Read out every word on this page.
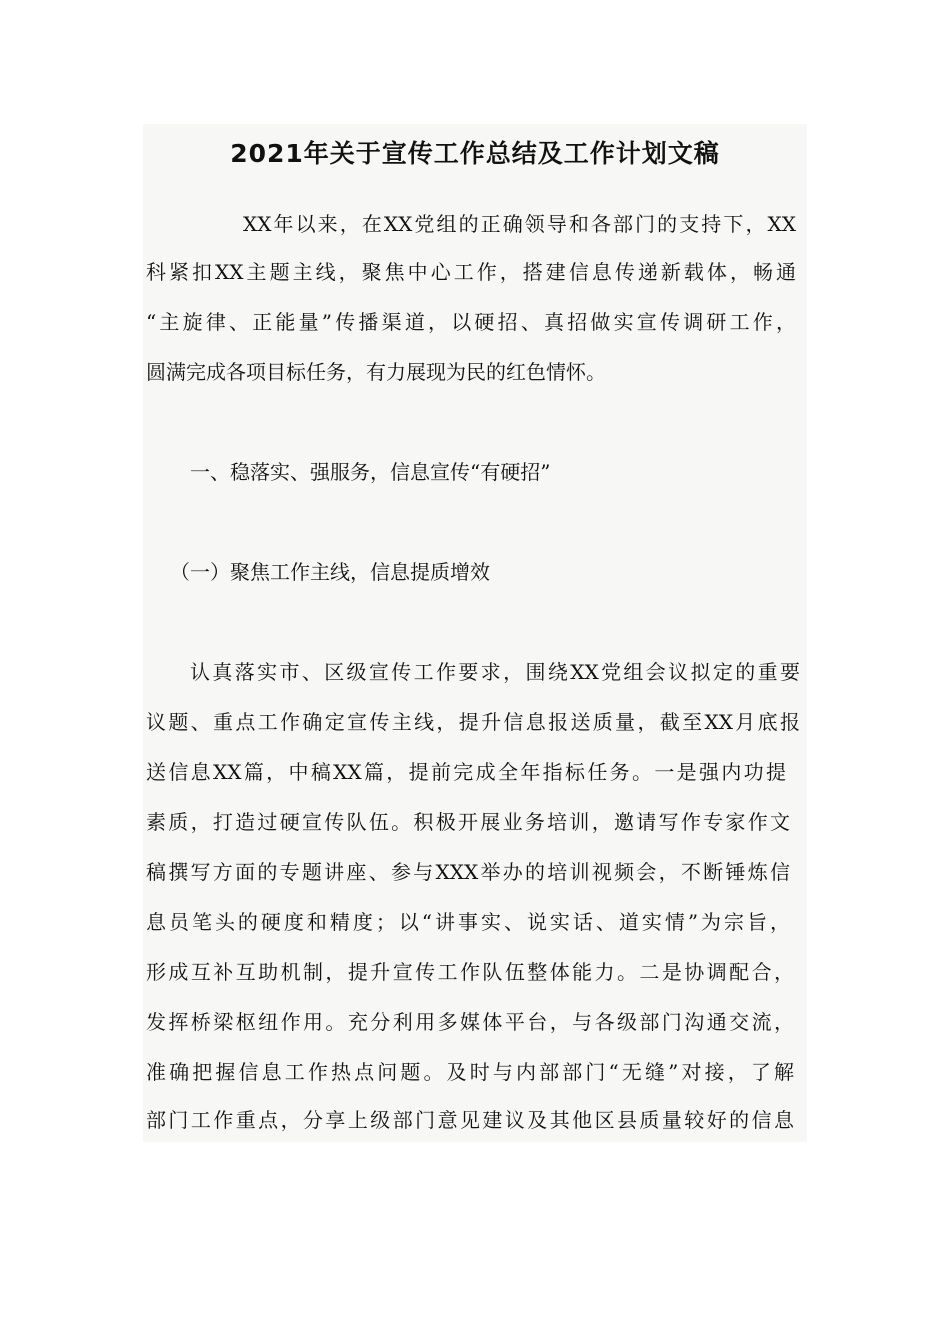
2021年关于宣传工作总结及工作计划文稿

XX年以来，在XX党组的正确领导和各部门的支持下，XX

科紧扣XX主题主线，聚焦中心工作，搭建信息传递新载体，畅通

“主旋律、正能量”传播渠道，以硬招、真招做实宣传调研工作，

圆满完成各项目标任务，有力展现为民的红色情怀。

一、稳落实、强服务，信息宣传“有硬招”

（一）聚焦工作主线，信息提质增效

认真落实市、区级宣传工作要求，围绕XX党组会议拟定的重要

议题、重点工作确定宣传主线，提升信息报送质量，截至XX月底报

送信息XX篇，中稿XX篇，提前完成全年指标任务。一是强内功提

素质，打造过硬宣传队伍。积极开展业务培训，邀请写作专家作文

稿撰写方面的专题讲座、参与XXX举办的培训视频会，不断锤炼信

息员笔头的硬度和精度；以“讲事实、说实话、道实情”为宗旨，

形成互补互助机制，提升宣传工作队伍整体能力。二是协调配合，

发挥桥梁枢纽作用。充分利用多媒体平台，与各级部门沟通交流，

准确把握信息工作热点问题。及时与内部部门“无缝”对接，了解

部门工作重点，分享上级部门意见建议及其他区县质量较好的信息
